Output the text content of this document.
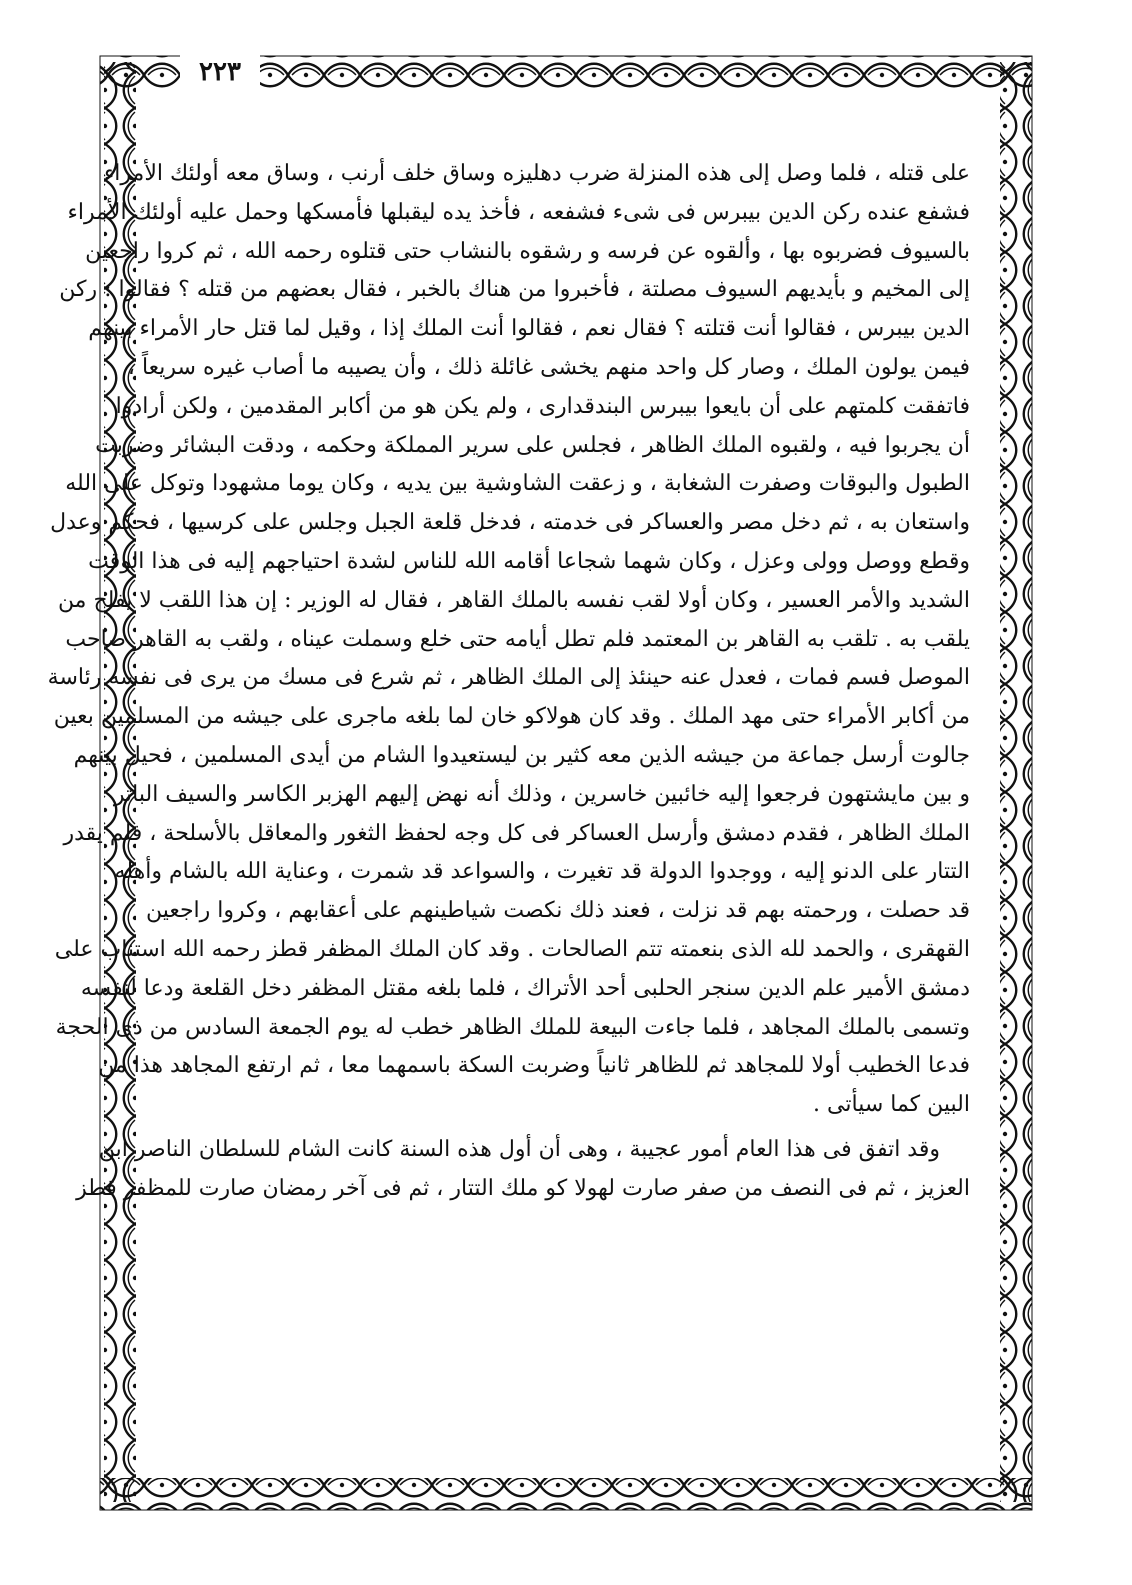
٢٢٣
على قتله ، فلما وصل إلى هذه المنزلة ضرب دهليزه وساق خلف أرنب ، وساق معه أولئك الأمراء
فشفع عنده ركن الدين بيبرس فى شىء فشفعه ، فأخذ يده ليقبلها فأمسكها وحمل عليه أولئك الأمراء
بالسيوف فضربوه بها ، وألقوه عن فرسه و رشقوه بالنشاب حتى قتلوه رحمه الله ، ثم كروا راجعين
إلى المخيم و بأيديهم السيوف مصلتة ، فأخبروا من هناك بالخبر ، فقال بعضهم من قتله ؟ فقالوا : ركن
الدين بيبرس ، فقالوا أنت قتلته ؟ فقال نعم ، فقالوا أنت الملك إذا ، وقيل لما قتل حار الأمراء بينهم
فيمن يولون الملك ، وصار كل واحد منهم يخشى غائلة ذلك ، وأن يصيبه ما أصاب غيره سريعاً ،
فاتفقت كلمتهم على أن بايعوا بيبرس البندقدارى ، ولم يكن هو من أكابر المقدمين ، ولكن أرادوا
أن يجربوا فيه ، ولقبوه الملك الظاهر ، فجلس على سرير المملكة وحكمه ، ودقت البشائر وضربت
الطبول والبوقات وصفرت الشغابة ، و زعقت الشاوشية بين يديه ، وكان يوما مشهودا وتوكل على الله
واستعان به ، ثم دخل مصر والعساكر فى خدمته ، فدخل قلعة الجبل وجلس على كرسيها ، فحكم وعدل
وقطع ووصل وولى وعزل ، وكان شهما شجاعا أقامه الله للناس لشدة احتياجهم إليه فى هذا الوقت
الشديد والأمر العسير ، وكان أولا لقب نفسه بالملك القاهر ، فقال له الوزير : إن هذا اللقب لا يفلح من
يلقب به . تلقب به القاهر بن المعتمد فلم تطل أيامه حتى خلع وسملت عيناه ، ولقب به القاهر صاحب
الموصل فسم فمات ، فعدل عنه حينئذ إلى الملك الظاهر ، ثم شرع فى مسك من يرى فى نفسه رئاسة
من أكابر الأمراء حتى مهد الملك . وقد كان هولاكو خان لما بلغه ماجرى على جيشه من المسلمين بعين
جالوت أرسل جماعة من جيشه الذين معه كثير بن ليستعيدوا الشام من أيدى المسلمين ، فحيل بينهم
و بين مايشتهون فرجعوا إليه خائبين خاسرين ، وذلك أنه نهض إليهم الهزبر الكاسر والسيف الباتر
الملك الظاهر ، فقدم دمشق وأرسل العساكر فى كل وجه لحفظ الثغور والمعاقل بالأسلحة ، فلم يقدر
التتار على الدنو إليه ، ووجدوا الدولة قد تغيرت ، والسواعد قد شمرت ، وعناية الله بالشام وأهله
قد حصلت ، ورحمته بهم قد نزلت ، فعند ذلك نكصت شياطينهم على أعقابهم ، وكروا راجعين
القهقرى ، والحمد لله الذى بنعمته تتم الصالحات . وقد كان الملك المظفر قطز رحمه الله استناب على
دمشق الأمير علم الدين سنجر الحلبى أحد الأتراك ، فلما بلغه مقتل المظفر دخل القلعة ودعا لنفسه
وتسمى بالملك المجاهد ، فلما جاءت البيعة للملك الظاهر خطب له يوم الجمعة السادس من ذى الحجة
فدعا الخطيب أولا للمجاهد ثم للظاهر ثانياً وضربت السكة باسمهما معا ، ثم ارتفع المجاهد هذا من
البين كما سيأتى .
وقد اتفق فى هذا العام أمور عجيبة ، وهى أن أول هذه السنة كانت الشام للسلطان الناصر ابن
العزيز ، ثم فى النصف من صفر صارت لهولا كو ملك التتار ، ثم فى آخر رمضان صارت للمظفر قطز
